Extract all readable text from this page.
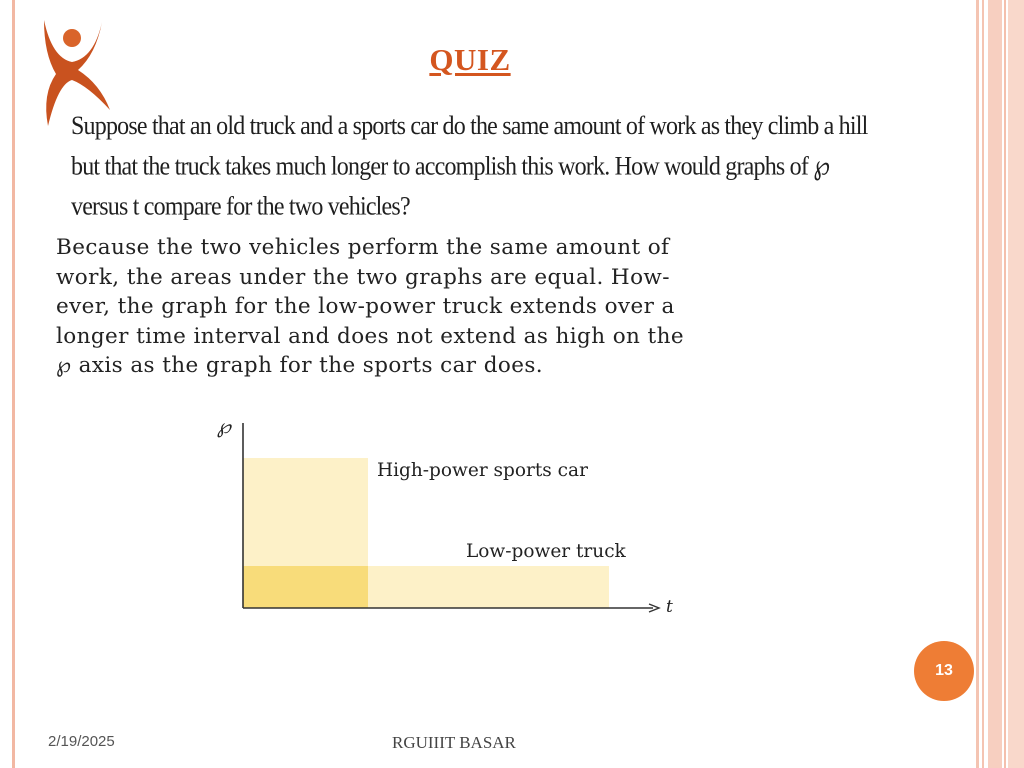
QUIZ
Suppose that an old truck and a sports car do the same amount of work as they climb a hill but that the truck takes much longer to accomplish this work. How would graphs of ℘ versus t compare for the two vehicles?
Because the two vehicles perform the same amount of
work, the areas under the two graphs are equal. How-
ever, the graph for the low-power truck extends over a
longer time interval and does not extend as high on the
℘ axis as the graph for the sports car does.
℘
t
High-power sports car
Low-power truck
13
2/19/2025	RGUIIIT BASAR
